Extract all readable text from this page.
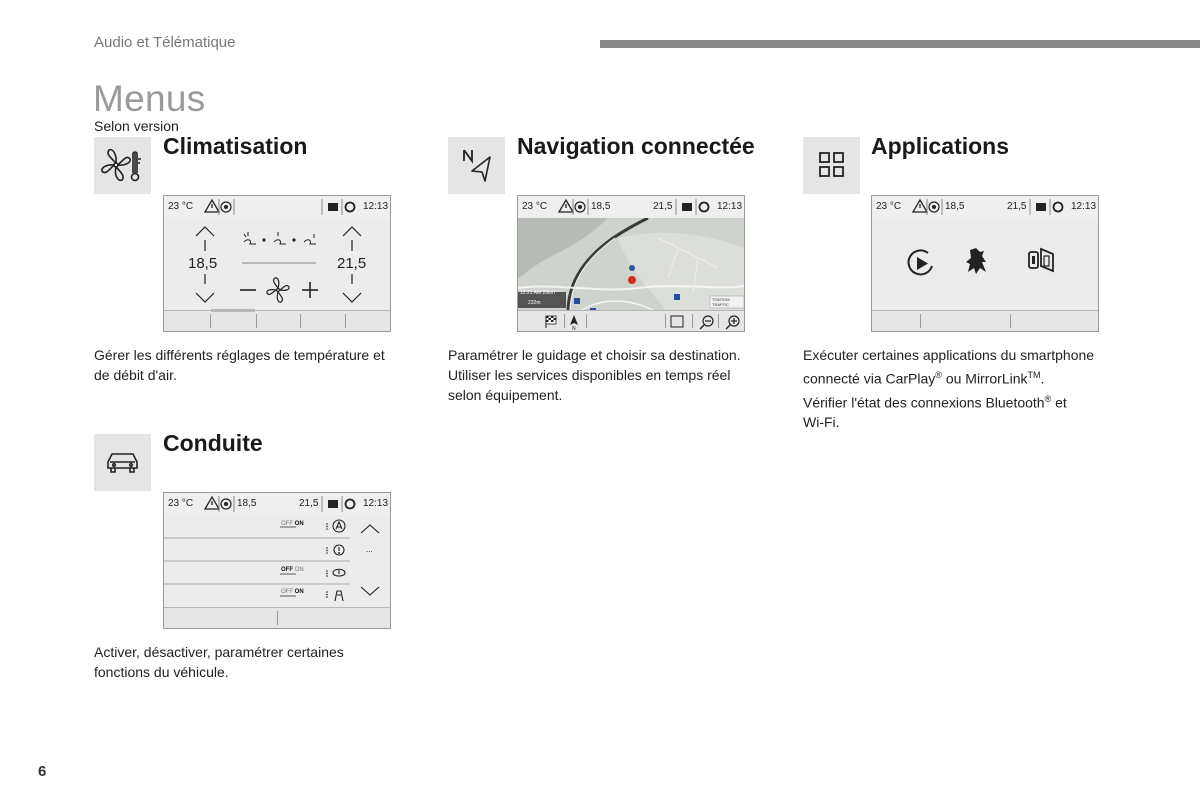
Audio et Télématique
Menus
Selon version
Climatisation
23 °C	12:13
18,5	21,5
Gérer les différents réglages de température et
de débit d'air.
Navigation connectée
23 °C	18,5	21,5	12:13
12:21 AM 26km
232m
TOMTOM TRAFFIC
N
Paramétrer le guidage et choisir sa destination.
Utiliser les services disponibles en temps réel
selon équipement.
Applications
23 °C	18,5	21,5	12:13
Exécuter certaines applications du smartphone
connecté via CarPlay® ou MirrorLink™.
Vérifier l'état des connexions Bluetooth® et
Wi-Fi.
Conduite
23 °C	18,5	21,5	12:13
OFF ON
OFF ON
OFF ON
...
Activer, désactiver, paramétrer certaines
fonctions du véhicule.
6
